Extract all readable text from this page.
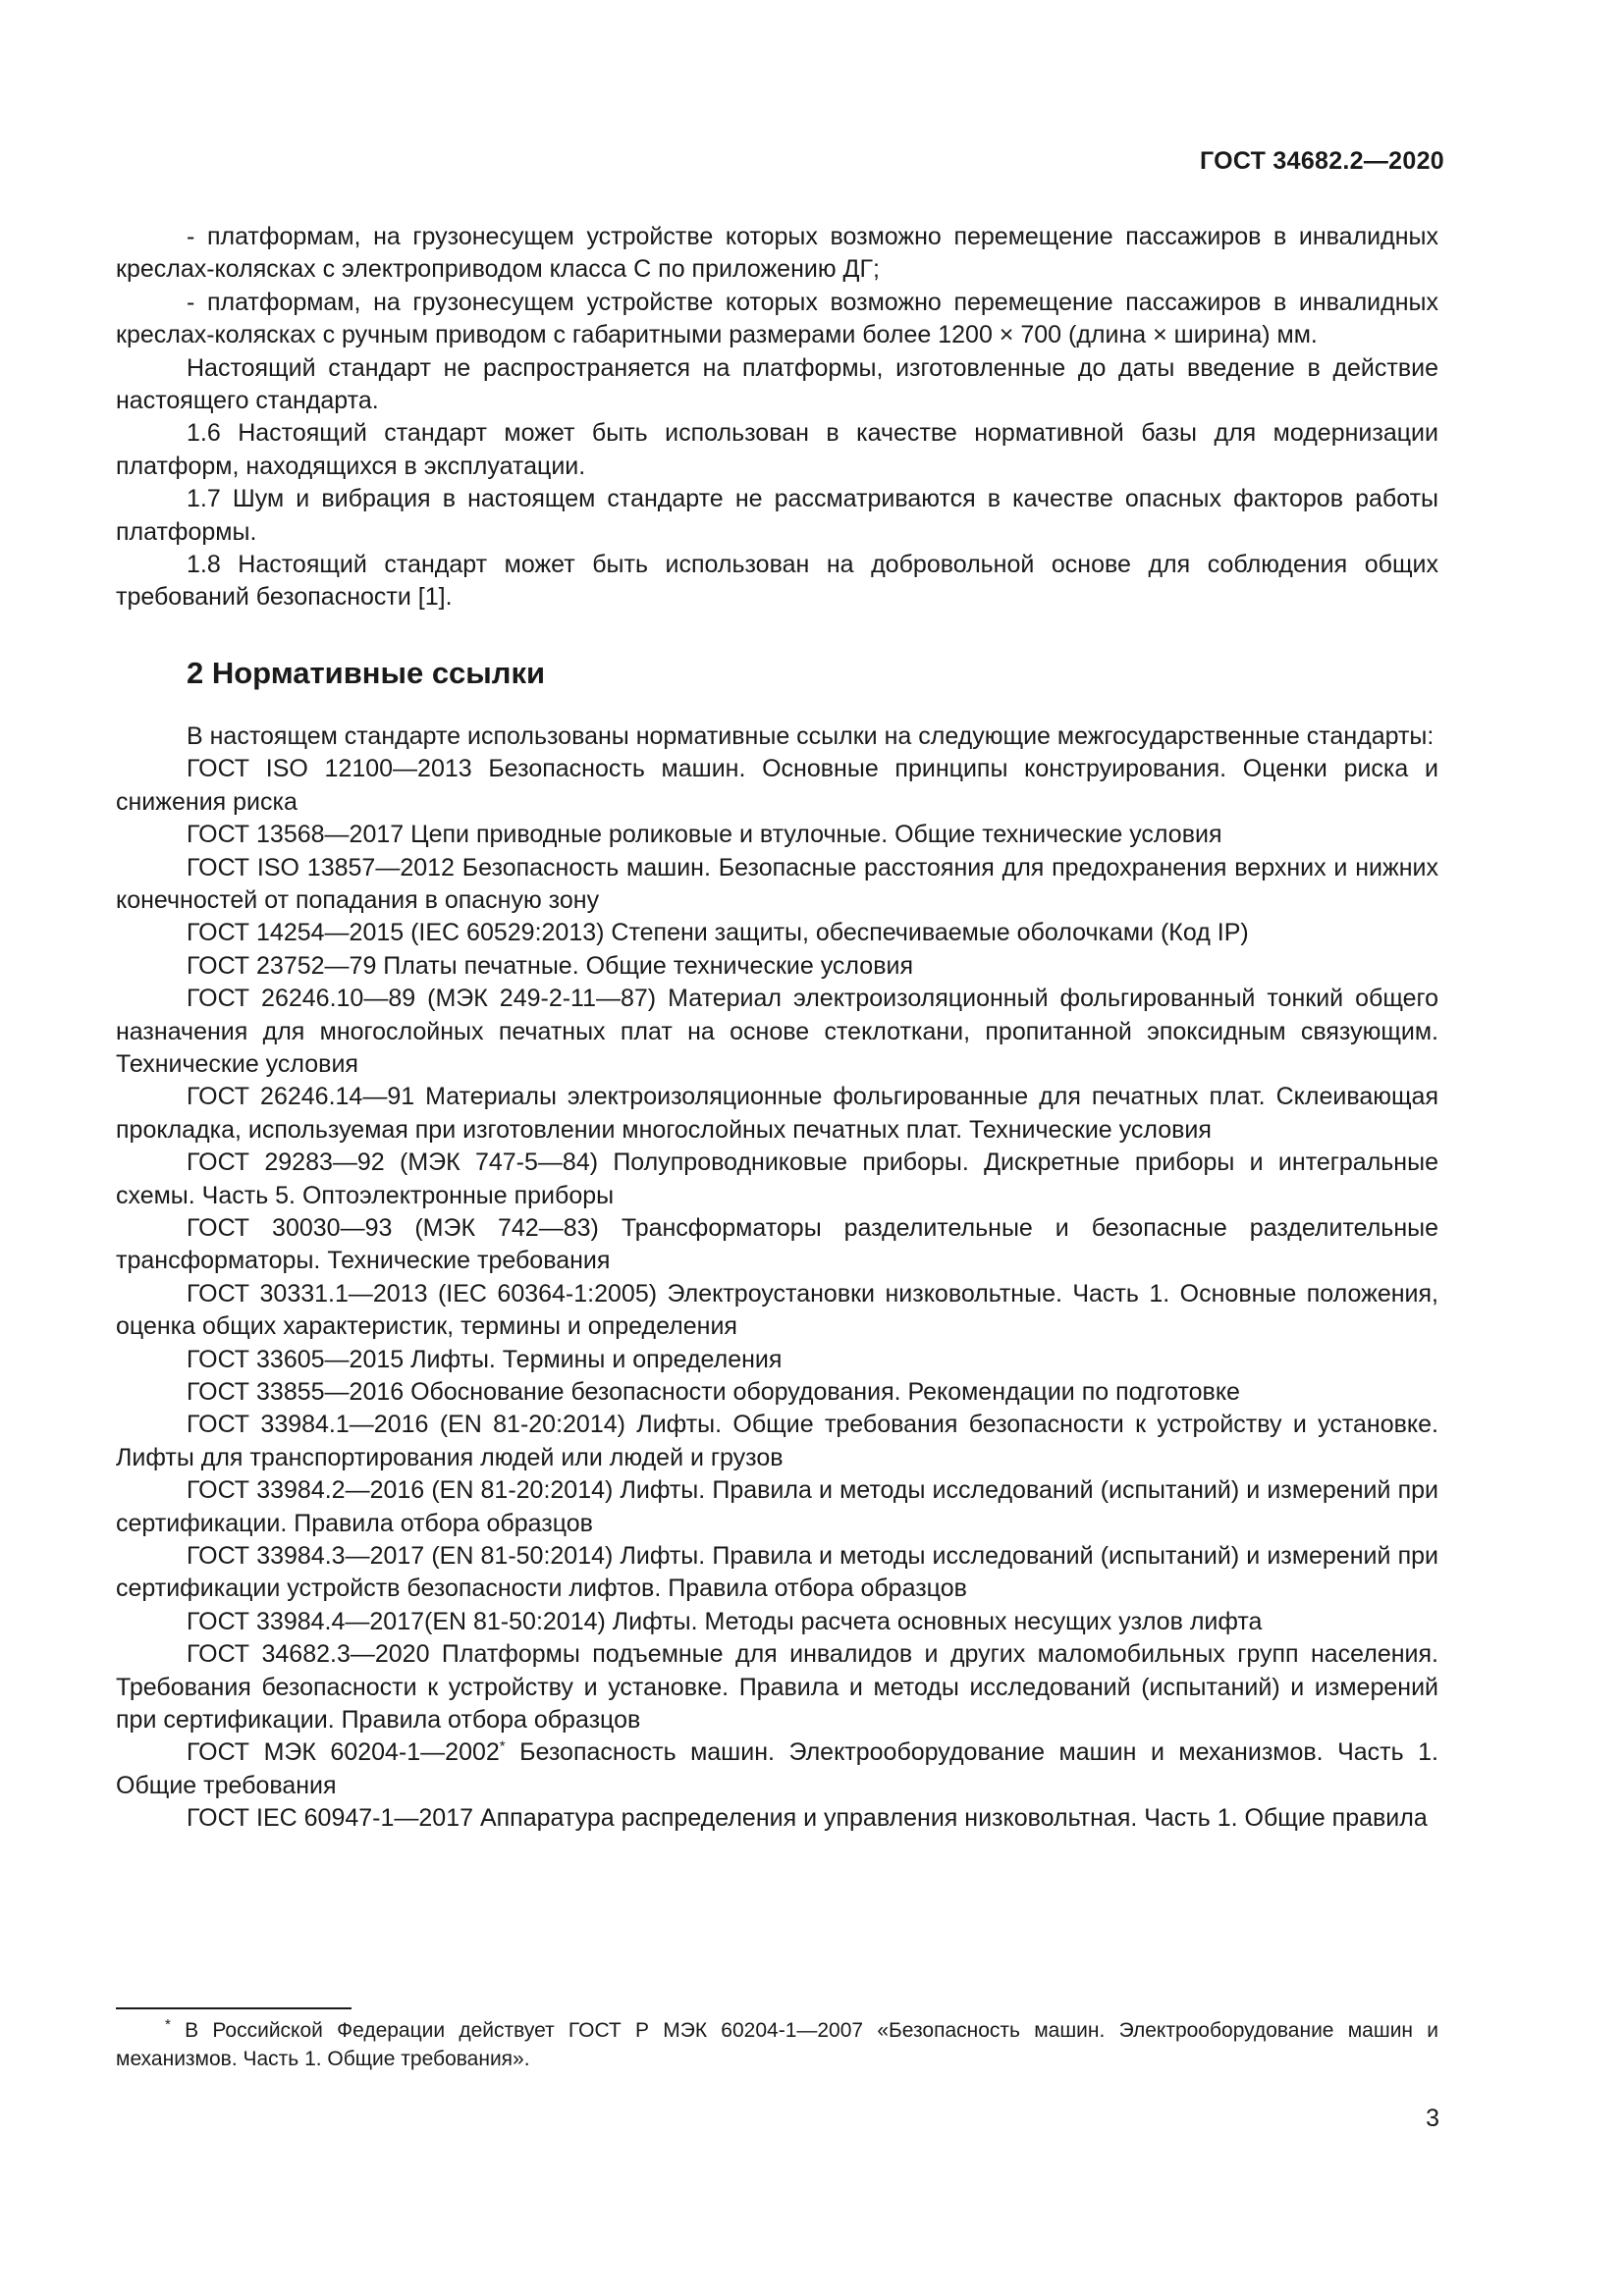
ГОСТ 34682.2—2020

- платформам, на грузонесущем устройстве которых возможно перемещение пассажиров в инвалидных креслах-колясках с электроприводом класса С по приложению ДГ;

- платформам, на грузонесущем устройстве которых возможно перемещение пассажиров в инвалидных креслах-колясках с ручным приводом с габаритными размерами более 1200 × 700 (длина × ширина) мм.

Настоящий стандарт не распространяется на платформы, изготовленные до даты введение в действие настоящего стандарта.

1.6 Настоящий стандарт может быть использован в качестве нормативной базы для модернизации платформ, находящихся в эксплуатации.

1.7 Шум и вибрация в настоящем стандарте не рассматриваются в качестве опасных факторов работы платформы.

1.8 Настоящий стандарт может быть использован на добровольной основе для соблюдения общих требований безопасности [1].

2 Нормативные ссылки

В настоящем стандарте использованы нормативные ссылки на следующие межгосударственные стандарты:

ГОСТ ISO 12100—2013 Безопасность машин. Основные принципы конструирования. Оценки риска и снижения риска

ГОСТ 13568—2017 Цепи приводные роликовые и втулочные. Общие технические условия

ГОСТ ISO 13857—2012 Безопасность машин. Безопасные расстояния для предохранения верхних и нижних конечностей от попадания в опасную зону

ГОСТ 14254—2015 (IEC 60529:2013) Степени защиты, обеспечиваемые оболочками (Код IP)

ГОСТ 23752—79 Платы печатные. Общие технические условия

ГОСТ 26246.10—89 (МЭК 249-2-11—87) Материал электроизоляционный фольгированный тонкий общего назначения для многослойных печатных плат на основе стеклоткани, пропитанной эпоксидным связующим. Технические условия

ГОСТ 26246.14—91 Материалы электроизоляционные фольгированные для печатных плат. Склеивающая прокладка, используемая при изготовлении многослойных печатных плат. Технические условия

ГОСТ 29283—92 (МЭК 747-5—84) Полупроводниковые приборы. Дискретные приборы и интегральные схемы. Часть 5. Оптоэлектронные приборы

ГОСТ 30030—93 (МЭК 742—83) Трансформаторы разделительные и безопасные разделительные трансформаторы. Технические требования

ГОСТ 30331.1—2013 (IEC 60364-1:2005) Электроустановки низковольтные. Часть 1. Основные положения, оценка общих характеристик, термины и определения

ГОСТ 33605—2015 Лифты. Термины и определения

ГОСТ 33855—2016 Обоснование безопасности оборудования. Рекомендации по подготовке

ГОСТ 33984.1—2016 (EN 81-20:2014) Лифты. Общие требования безопасности к устройству и установке. Лифты для транспортирования людей или людей и грузов

ГОСТ 33984.2—2016 (EN 81-20:2014) Лифты. Правила и методы исследований (испытаний) и измерений при сертификации. Правила отбора образцов

ГОСТ 33984.3—2017 (EN 81-50:2014) Лифты. Правила и методы исследований (испытаний) и измерений при сертификации устройств безопасности лифтов. Правила отбора образцов

ГОСТ 33984.4—2017(EN 81-50:2014) Лифты. Методы расчета основных несущих узлов лифта

ГОСТ 34682.3—2020 Платформы подъемные для инвалидов и других маломобильных групп населения. Требования безопасности к устройству и установке. Правила и методы исследований (испытаний) и измерений при сертификации. Правила отбора образцов

ГОСТ МЭК 60204-1—2002* Безопасность машин. Электрооборудование машин и механизмов. Часть 1. Общие требования

ГОСТ IEC 60947-1—2017 Аппаратура распределения и управления низковольтная. Часть 1. Общие правила

* В Российской Федерации действует ГОСТ Р МЭК 60204-1—2007 «Безопасность машин. Электрооборудование машин и механизмов. Часть 1. Общие требования».

3
